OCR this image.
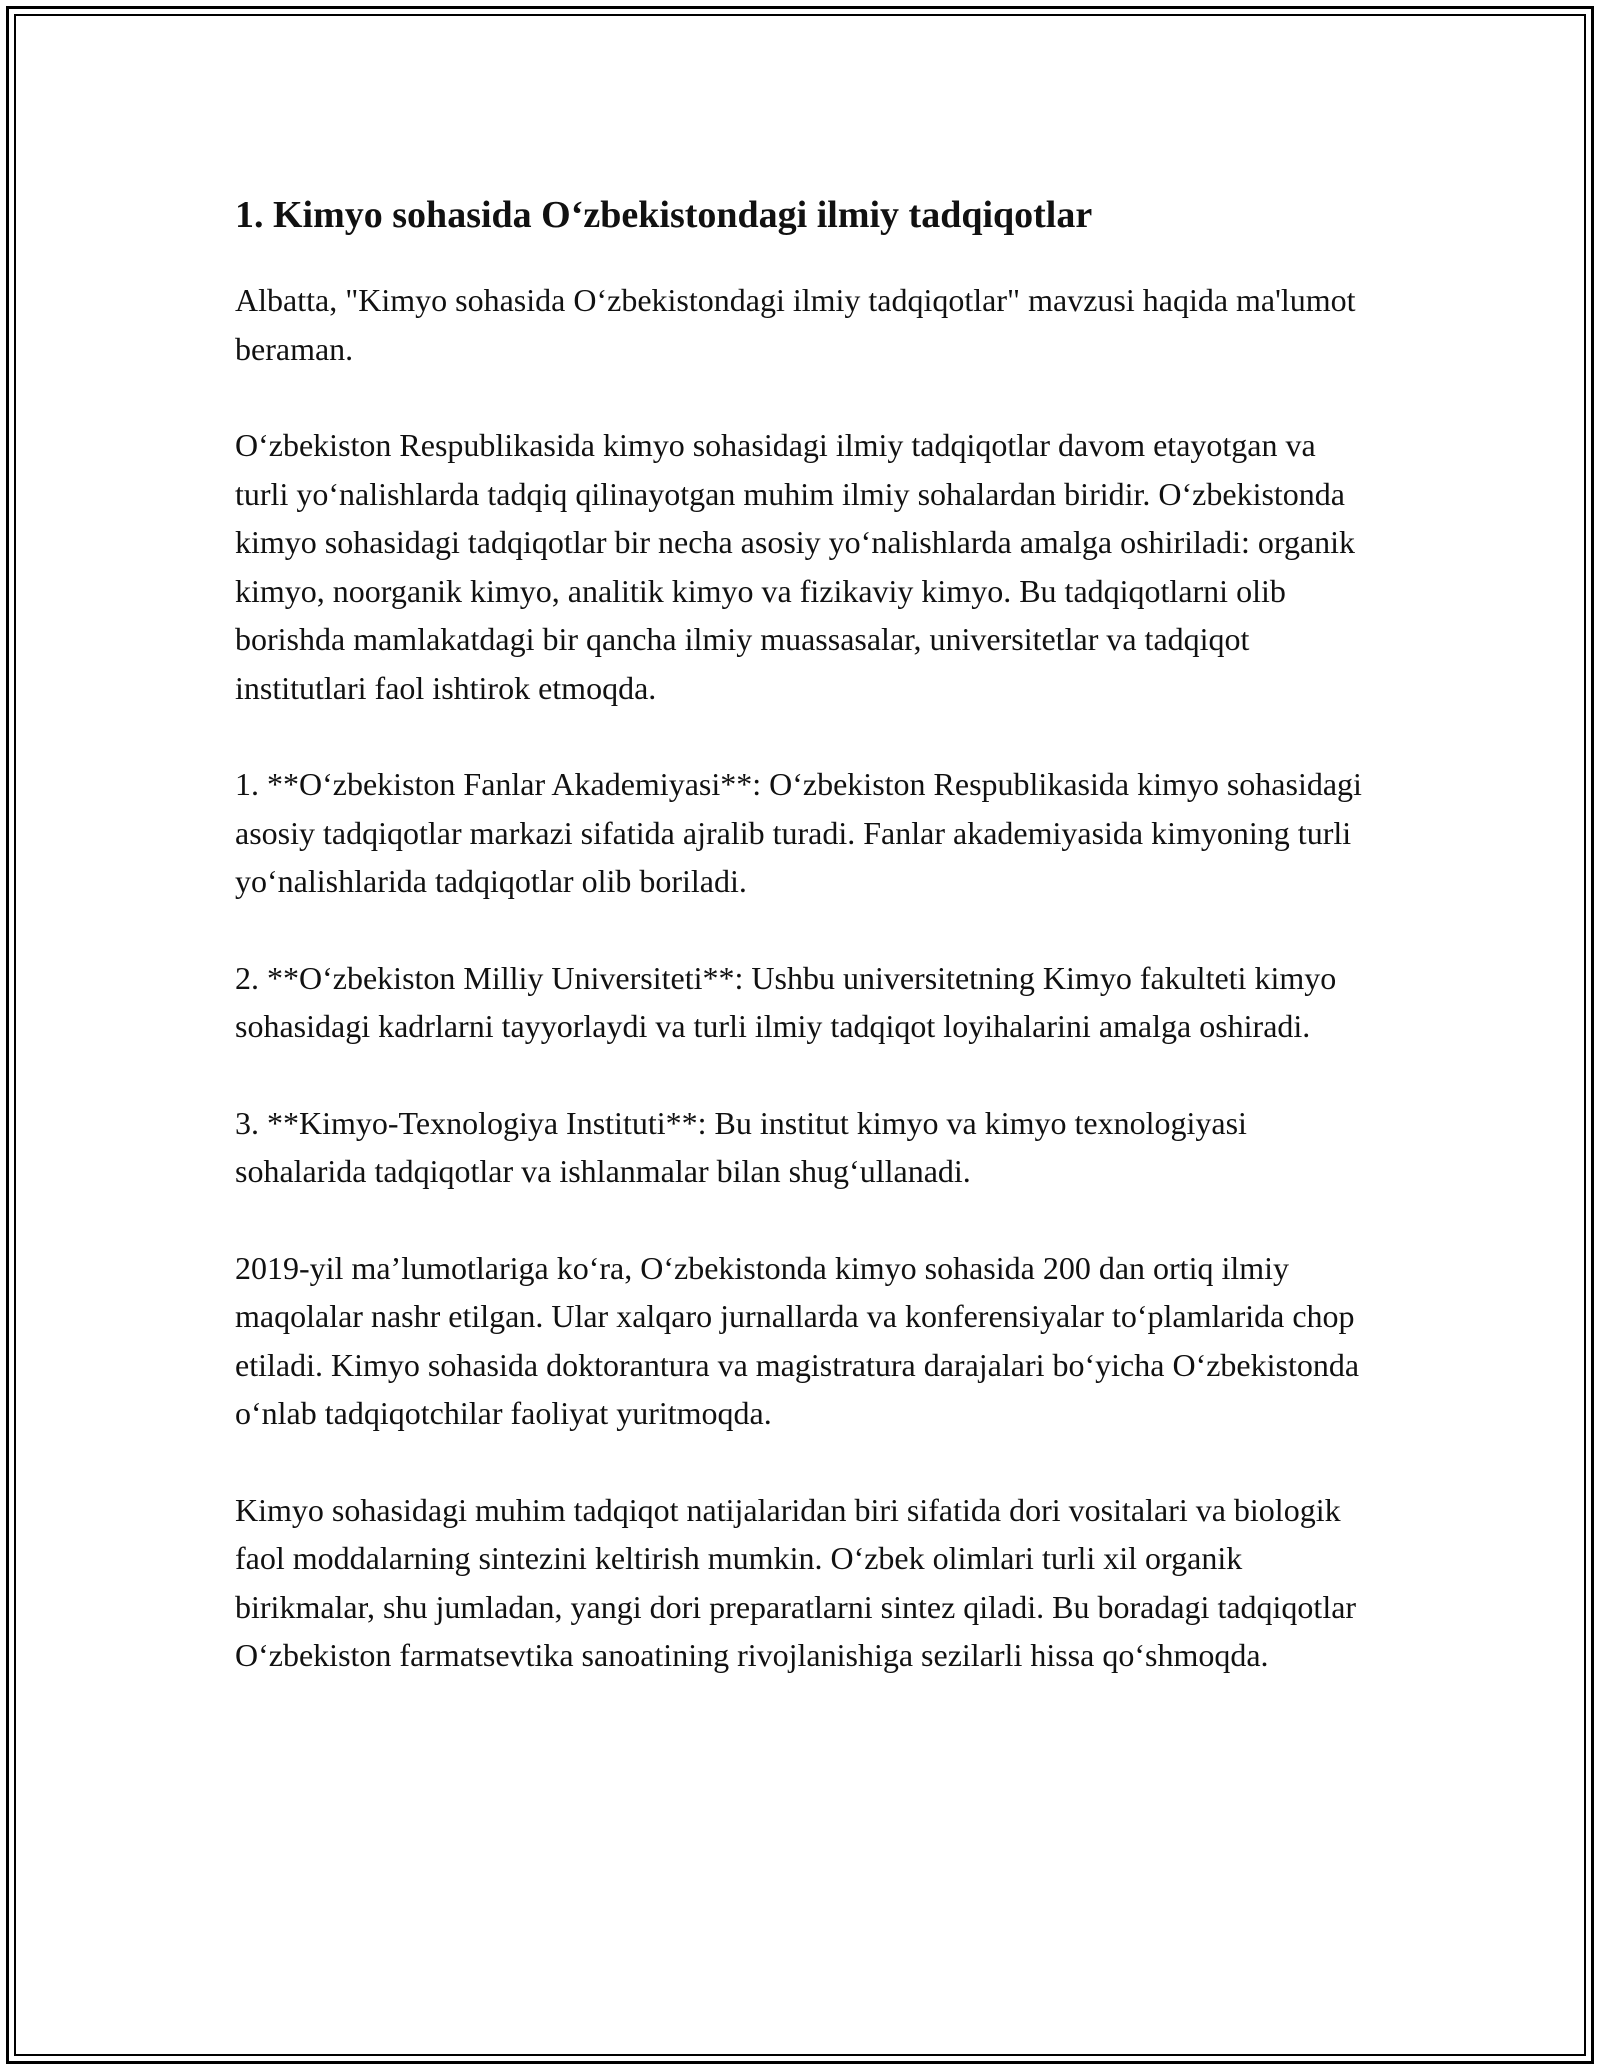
1. Kimyo sohasida O‘zbekistondagi ilmiy tadqiqotlar

Albatta, "Kimyo sohasida O‘zbekistondagi ilmiy tadqiqotlar" mavzusi haqida ma'lumot beraman.

O‘zbekiston Respublikasida kimyo sohasidagi ilmiy tadqiqotlar davom etayotgan va turli yo‘nalishlarda tadqiq qilinayotgan muhim ilmiy sohalardan biridir. O‘zbekistonda kimyo sohasidagi tadqiqotlar bir necha asosiy yo‘nalishlarda amalga oshiriladi: organik kimyo, noorganik kimyo, analitik kimyo va fizikaviy kimyo. Bu tadqiqotlarni olib borishda mamlakatdagi bir qancha ilmiy muassasalar, universitetlar va tadqiqot institutlari faol ishtirok etmoqda.

1. **O‘zbekiston Fanlar Akademiyasi**: O‘zbekiston Respublikasida kimyo sohasidagi asosiy tadqiqotlar markazi sifatida ajralib turadi. Fanlar akademiyasida kimyoning turli yo‘nalishlarida tadqiqotlar olib boriladi.

2. **O‘zbekiston Milliy Universiteti**: Ushbu universitetning Kimyo fakulteti kimyo sohasidagi kadrlarni tayyorlaydi va turli ilmiy tadqiqot loyihalarini amalga oshiradi.

3. **Kimyo-Texnologiya Instituti**: Bu institut kimyo va kimyo texnologiyasi sohalarida tadqiqotlar va ishlanmalar bilan shug‘ullanadi.

2019-yil ma’lumotlariga ko‘ra, O‘zbekistonda kimyo sohasida 200 dan ortiq ilmiy maqolalar nashr etilgan. Ular xalqaro jurnallarda va konferensiyalar to‘plamlarida chop etiladi. Kimyo sohasida doktorantura va magistratura darajalari bo‘yicha O‘zbekistonda o‘nlab tadqiqotchilar faoliyat yuritmoqda.

Kimyo sohasidagi muhim tadqiqot natijalaridan biri sifatida dori vositalari va biologik faol moddalarning sintezini keltirish mumkin. O‘zbek olimlari turli xil organik birikmalar, shu jumladan, yangi dori preparatlarni sintez qiladi. Bu boradagi tadqiqotlar O‘zbekiston farmatsevtika sanoatining rivojlanishiga sezilarli hissa qo‘shmoqda.
